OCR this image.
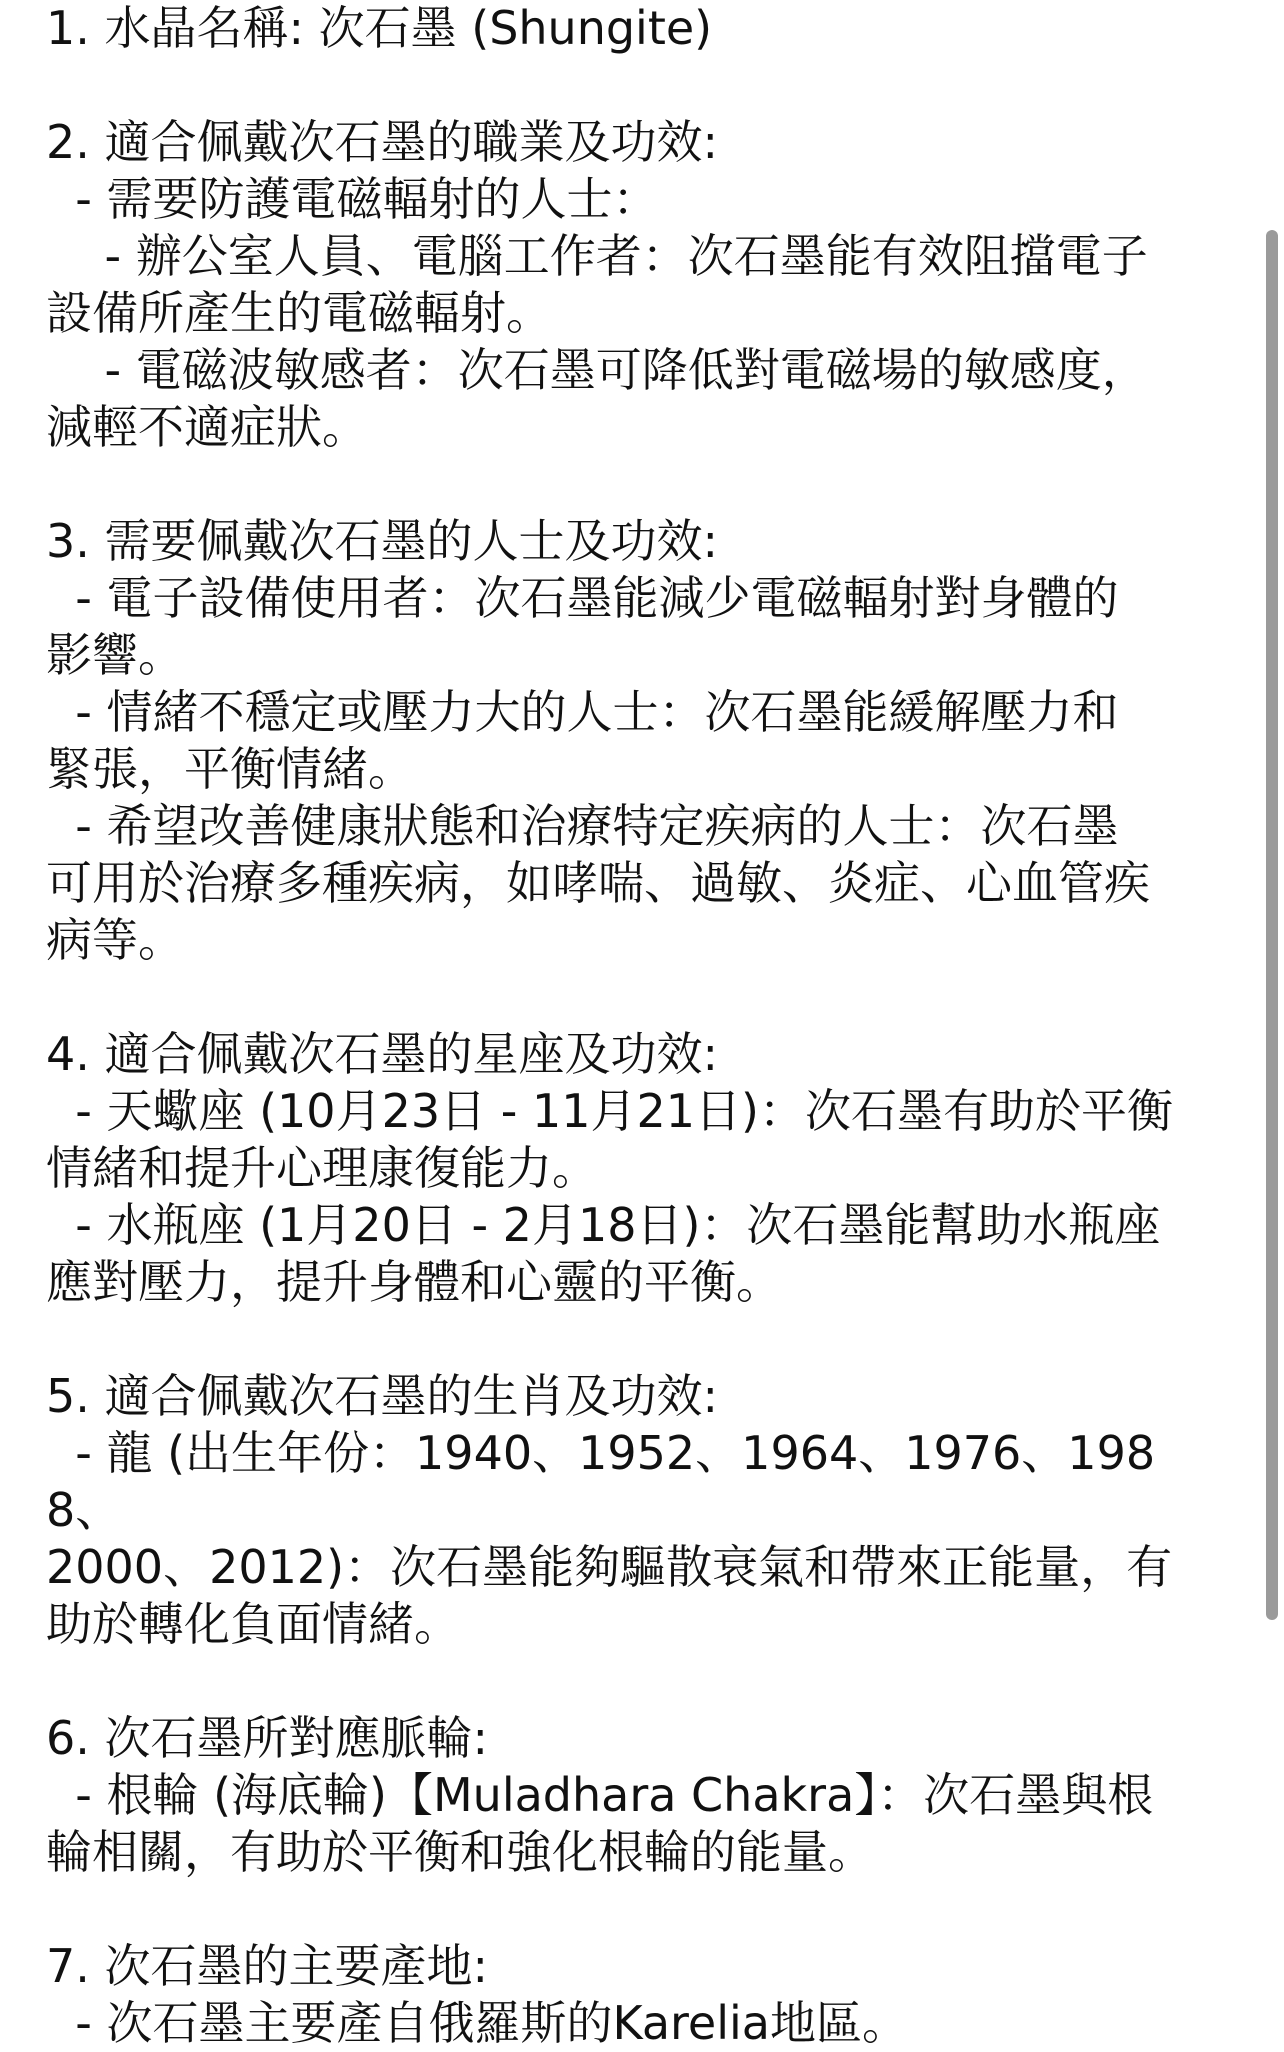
1. 水晶名稱: 次石墨 (Shungite)
2. 適合佩戴次石墨的職業及功效:
- 需要防護電磁輻射的人士：
- 辦公室人員、電腦工作者：次石墨能有效阻擋電子
設備所產生的電磁輻射。
- 電磁波敏感者：次石墨可降低對電磁場的敏感度，
減輕不適症狀。
3. 需要佩戴次石墨的人士及功效:
- 電子設備使用者：次石墨能減少電磁輻射對身體的
影響。
- 情緒不穩定或壓力大的人士：次石墨能緩解壓力和
緊張，平衡情緒。
- 希望改善健康狀態和治療特定疾病的人士：次石墨
可用於治療多種疾病，如哮喘、過敏、炎症、心血管疾
病等。
4. 適合佩戴次石墨的星座及功效:
- 天蠍座 (10月23日 - 11月21日)：次石墨有助於平衡
情緒和提升心理康復能力。
- 水瓶座 (1月20日 - 2月18日)：次石墨能幫助水瓶座
應對壓力，提升身體和心靈的平衡。
5. 適合佩戴次石墨的生肖及功效:
- 龍 (出生年份：1940、1952、1964、1976、1988、
2000、2012)：次石墨能夠驅散衰氣和帶來正能量，有
助於轉化負面情緒。
6. 次石墨所對應脈輪:
- 根輪 (海底輪)【Muladhara Chakra】：次石墨與根
輪相關，有助於平衡和強化根輪的能量。
7. 次石墨的主要產地:
- 次石墨主要產自俄羅斯的Karelia地區。
